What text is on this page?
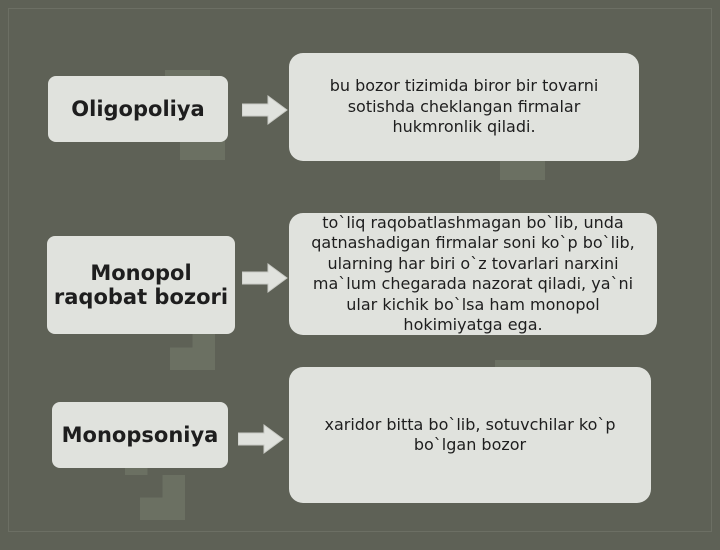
Oligopoliya
bu bozor tizimida biror bir tovarni sotishda cheklangan firmalar hukmronlik qiladi.
Monopol raqobat bozori
to`liq raqobatlashmagan bo`lib, unda qatnashadigan firmalar soni ko`p bo`lib, ularning har biri o`z tovarlari narxini ma`lum chegarada nazorat qiladi, ya`ni ular kichik bo`lsa ham monopol hokimiyatga ega.
Monopsoniya	xaridor bitta bo`lib, sotuvchilar ko`p bo`lgan bozor
